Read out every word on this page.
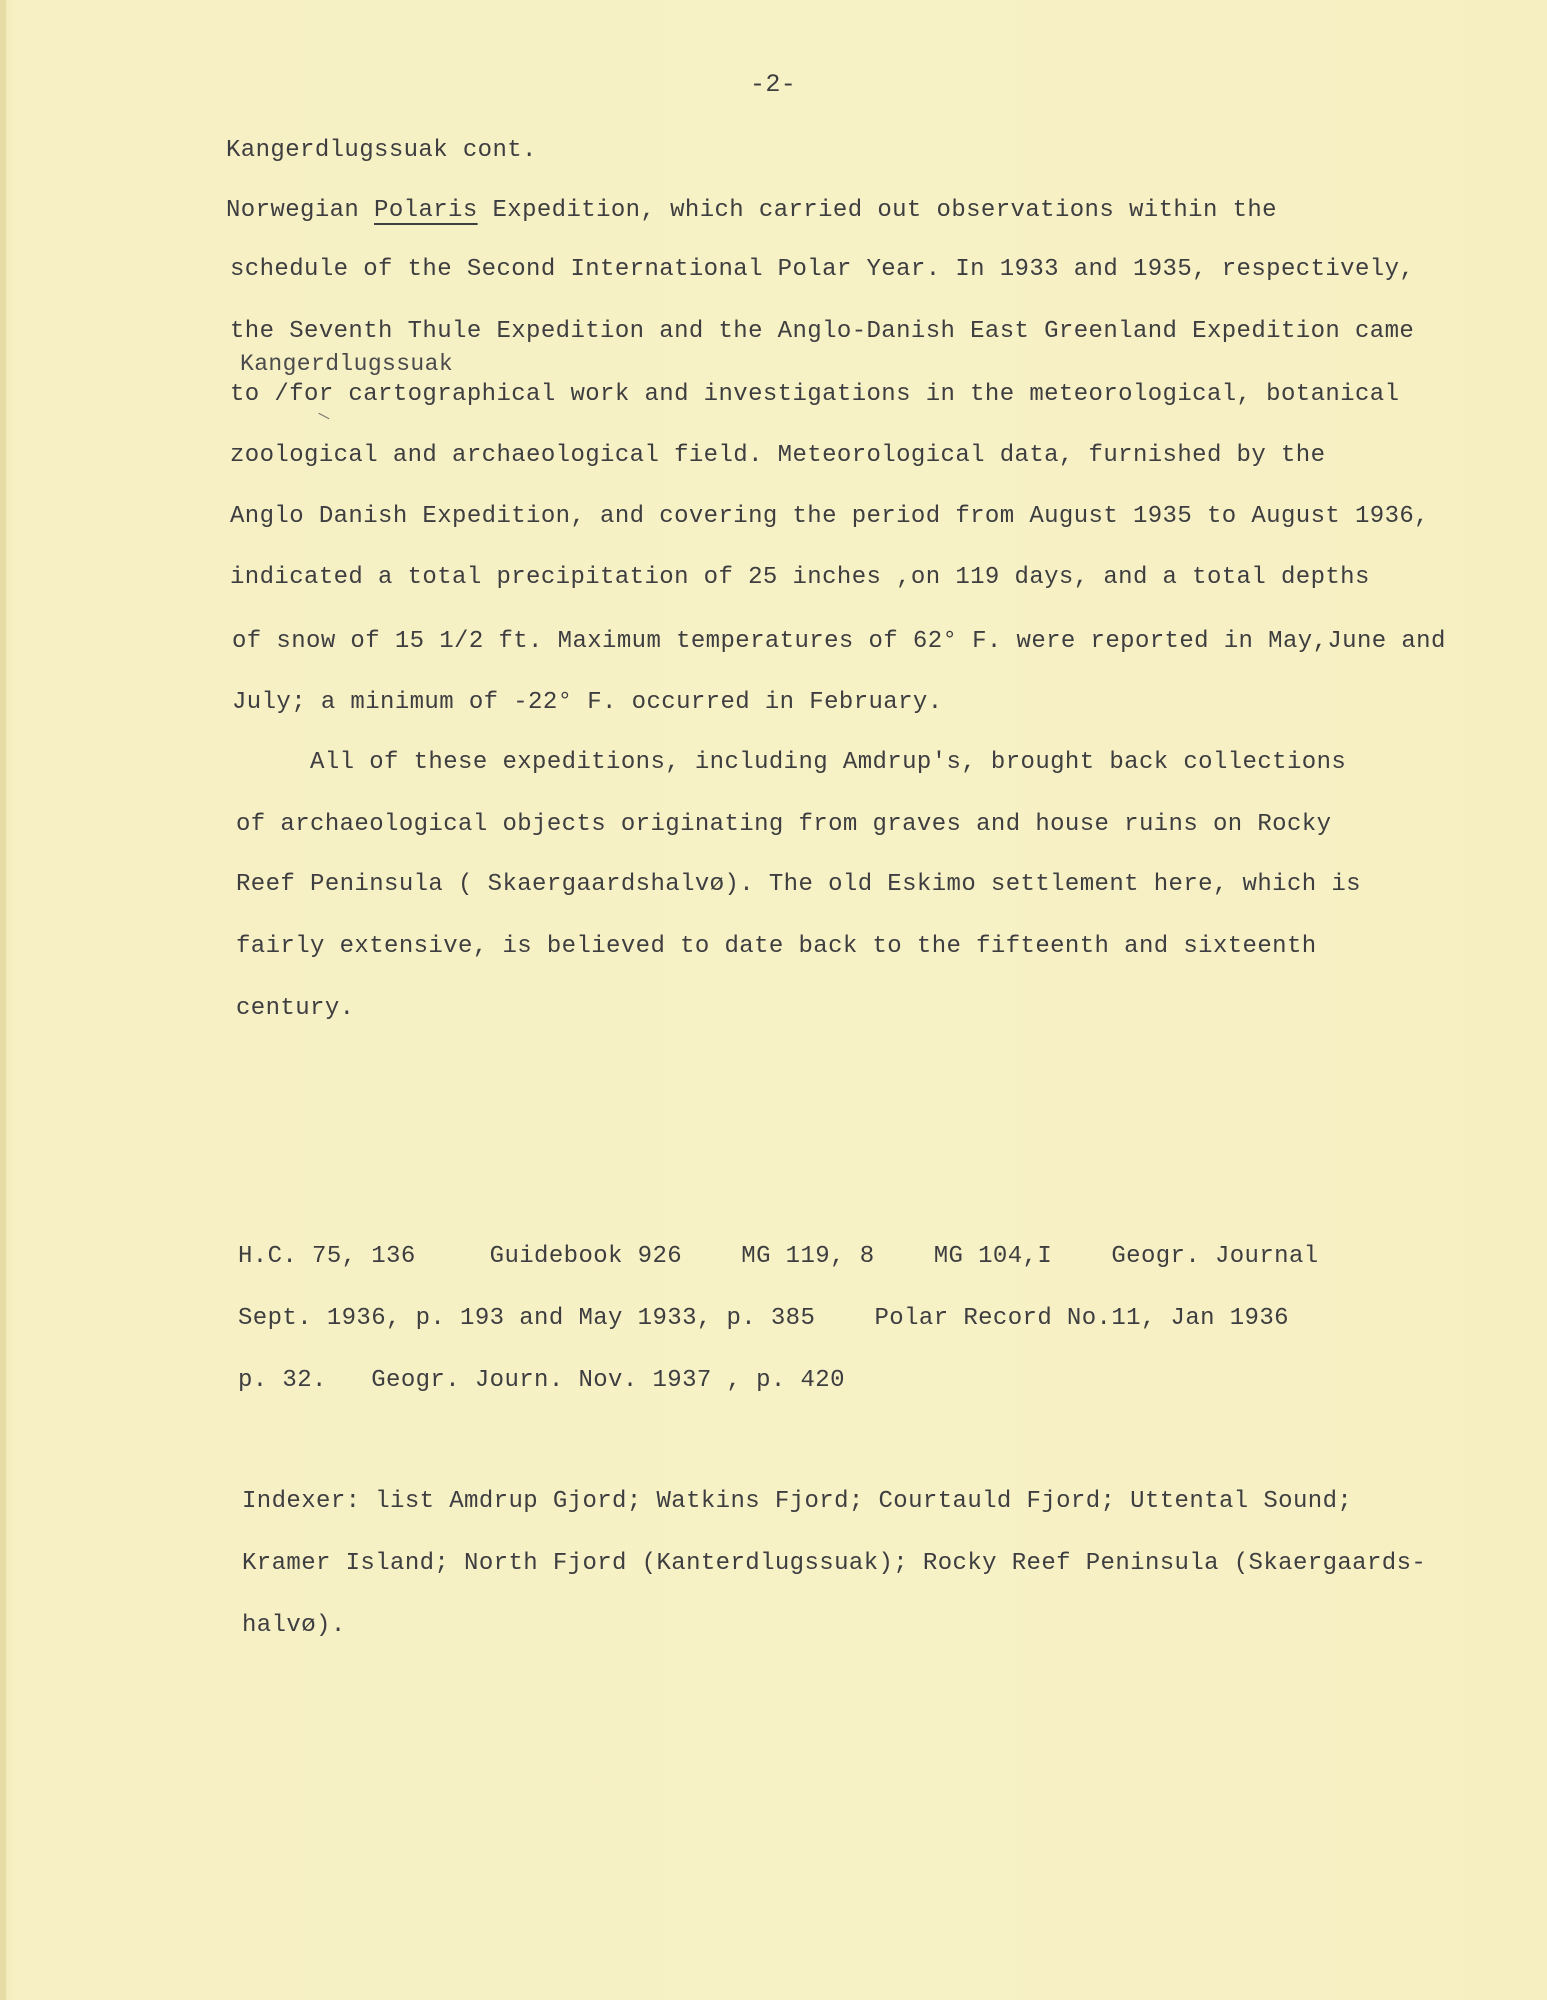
-2-
Kangerdlugssuak cont.
Norwegian Polaris Expedition, which carried out observations within the
schedule of the Second International Polar Year. In 1933 and 1935, respectively,
the Seventh Thule Expedition and the Anglo-Danish East Greenland Expedition came
Kangerdlugssuak
to /for cartographical work and investigations in the meteorological, botanical
zoological and archaeological field. Meteorological data, furnished by the
Anglo Danish Expedition, and covering the period from August 1935 to August 1936,
indicated a total precipitation of 25 inches ,on 119 days, and a total depths
of snow of 15 1/2 ft. Maximum temperatures of 62° F. were reported in May,June and
July; a minimum of -22° F. occurred in February.
All of these expeditions, including Amdrup's, brought back collections
of archaeological objects originating from graves and house ruins on Rocky
Reef Peninsula ( Skaergaardshalvø). The old Eskimo settlement here, which is
fairly extensive, is believed to date back to the fifteenth and sixteenth
century.
H.C. 75, 136     Guidebook 926    MG 119, 8    MG 104,I    Geogr. Journal
Sept. 1936, p. 193 and May 1933, p. 385    Polar Record No.11, Jan 1936
p. 32.   Geogr. Journ. Nov. 1937 , p. 420
Indexer: list Amdrup Gjord; Watkins Fjord; Courtauld Fjord; Uttental Sound;
Kramer Island; North Fjord (Kanterdlugssuak); Rocky Reef Peninsula (Skaergaards-
halvø).
